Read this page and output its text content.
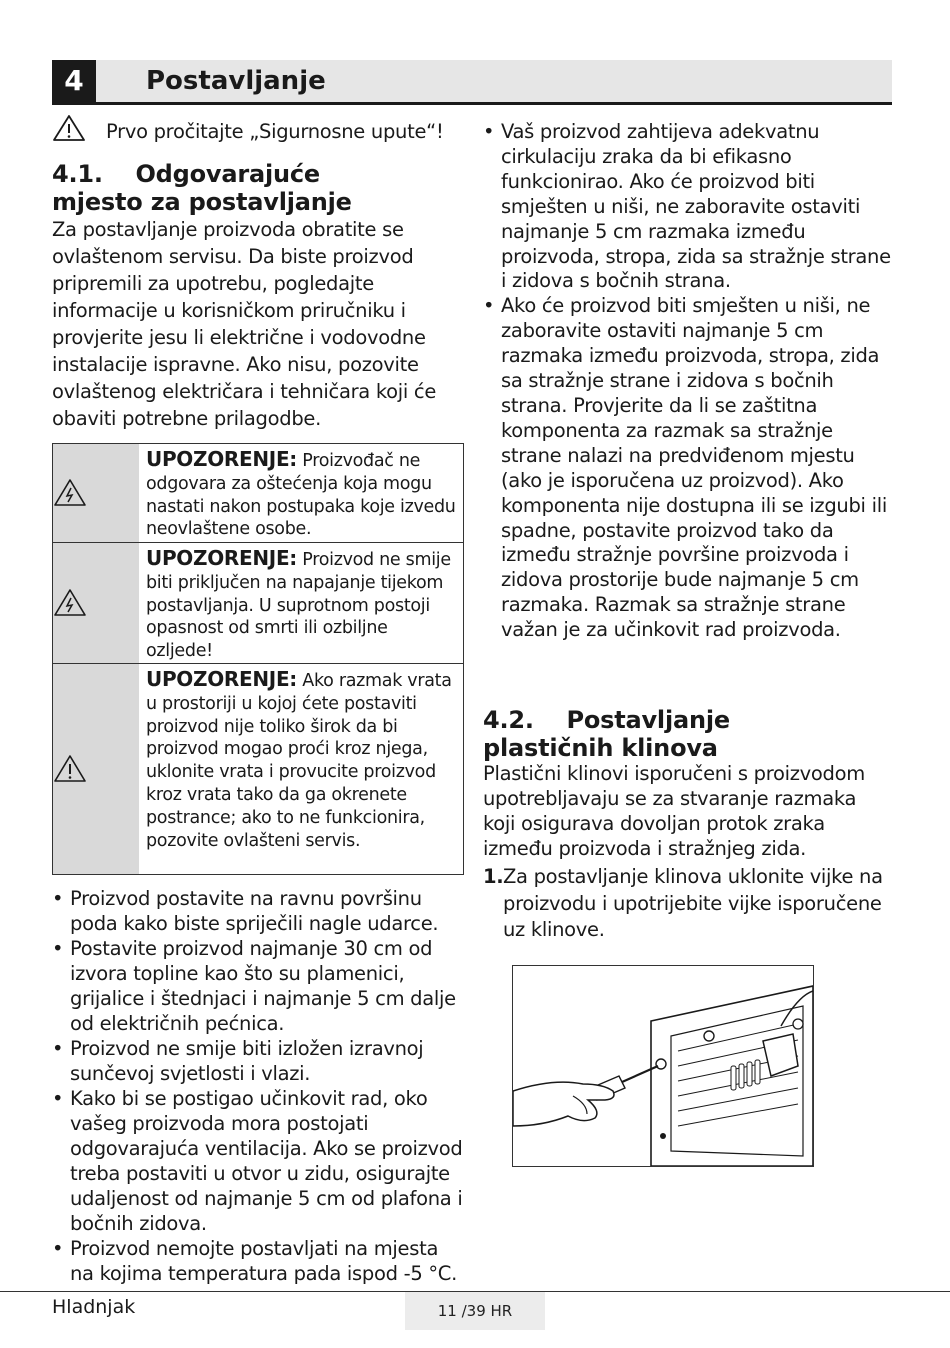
4	Postavljanje
Prvo pročitajte „Sigurnosne upute“!
4.1.    Odgovarajuće
mjesto za postavljanje
Za postavljanje proizvoda obratite se ovlaštenom servisu. Da biste proizvod pripremili za upotrebu, pogledajte informacije u korisničkom priručniku i provjerite jesu li električne i vodovodne instalacije ispravne. Ako nisu, pozovite ovlaštenog električara i tehničara koji će obaviti potrebne prilagodbe.
UPOZORENJE: Proizvođač ne odgovara za oštećenja koja mogu nastati nakon postupaka koje izvedu neovlaštene osobe.
UPOZORENJE: Proizvod ne smije biti priključen na napajanje tijekom postavljanja. U suprotnom postoji opasnost od smrti ili ozbiljne ozljede!
UPOZORENJE: Ako razmak vrata u prostoriji u kojoj ćete postaviti proizvod nije toliko širok da bi proizvod mogao proći kroz njega, uklonite vrata i provucite proizvod kroz vrata tako da ga okrenete postrance; ako to ne funkcionira, pozovite ovlašteni servis.
• Proizvod postavite na ravnu površinu poda kako biste spriječili nagle udarce.
• Postavite proizvod najmanje 30 cm od izvora topline kao što su plamenici, grijalice i štednjaci i najmanje 5 cm dalje od električnih pećnica.
• Proizvod ne smije biti izložen izravnoj sunčevoj svjetlosti i vlazi.
• Kako bi se postigao učinkovit rad, oko vašeg proizvoda mora postojati odgovarajuća ventilacija. Ako se proizvod treba postaviti u otvor u zidu, osigurajte udaljenost od najmanje 5 cm od plafona i bočnih zidova.
• Proizvod nemojte postavljati na mjesta na kojima temperatura pada ispod -5 °C.
• Vaš proizvod zahtijeva adekvatnu cirkulaciju zraka da bi efikasno funkcionirao. Ako će proizvod biti smješten u niši, ne zaboravite ostaviti najmanje 5 cm razmaka između proizvoda, stropa, zida sa stražnje strane i zidova s bočnih strana.
• Ako će proizvod biti smješten u niši, ne zaboravite ostaviti najmanje 5 cm razmaka između proizvoda, stropa, zida sa stražnje strane i zidova s bočnih strana. Provjerite da li se zaštitna komponenta za razmak sa stražnje strane nalazi na predviđenom mjestu (ako je isporučena uz proizvod). Ako komponenta nije dostupna ili se izgubi ili spadne, postavite proizvod tako da između stražnje površine proizvoda i zidova prostorije bude najmanje 5 cm razmaka. Razmak sa stražnje strane važan je za učinkovit rad proizvoda.
4.2.    Postavljanje
plastičnih klinova
Plastični klinovi isporučeni s proizvodom upotrebljavaju se za stvaranje razmaka koji osigurava dovoljan protok zraka između proizvoda i stražnjeg zida.
1. Za postavljanje klinova uklonite vijke na proizvodu i upotrijebite vijke isporučene uz klinove.
Hladnjak	11 /39 HR
